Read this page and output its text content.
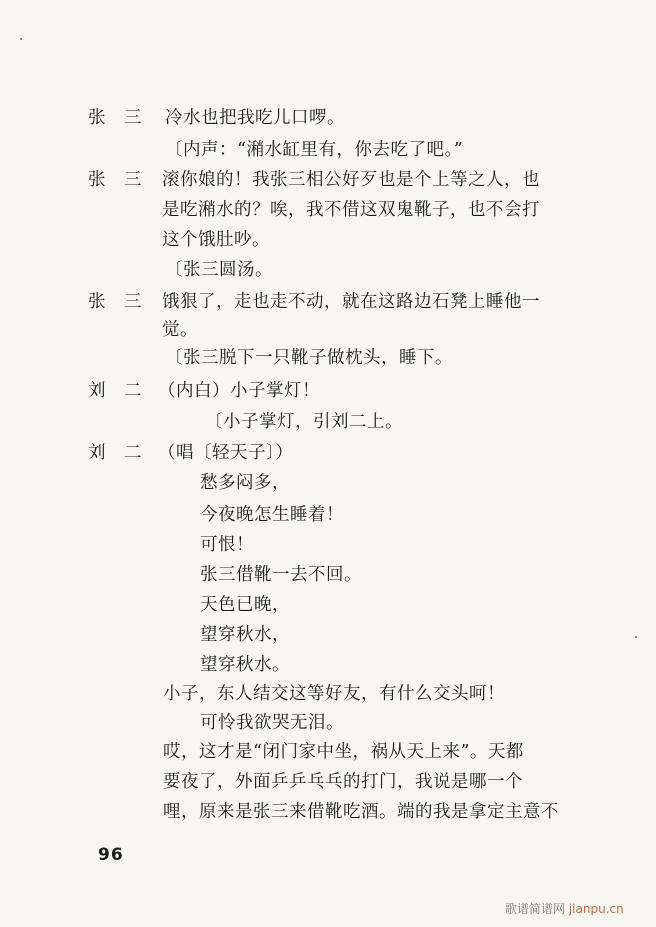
张 三 冷水也把我吃儿口啰。
〔内声：“潲水缸里有，你去吃了吧。”
张 三 滚你娘的！我张三相公好歹也是个上等之人，也
是吃潲水的？唉，我不借这双鬼靴子，也不会打
这个饿肚吵。
〔张三圆汤。
张 三 饿狠了，走也走不动，就在这路边石凳上睡他一
觉。
〔张三脱下一只靴子做枕头，睡下。
刘 二 （内白）小子掌灯！
〔小子掌灯，引刘二上。
刘 二 （唱〔轻天子〕）
愁多闷多，
今夜晚怎生睡着！
可恨！
张三借靴一去不回。
天色已晚，
望穿秋水，
望穿秋水。
小子，东人结交这等好友，有什么交头呵！
可怜我欲哭无泪。
哎，这才是“闭门家中坐，祸从天上来”。天都
要夜了，外面乒乒乓乓的打门，我说是哪一个
哩，原来是张三来借靴吃酒。端的我是拿定主意不
96
歌谱简谱网 jianpu.cn
